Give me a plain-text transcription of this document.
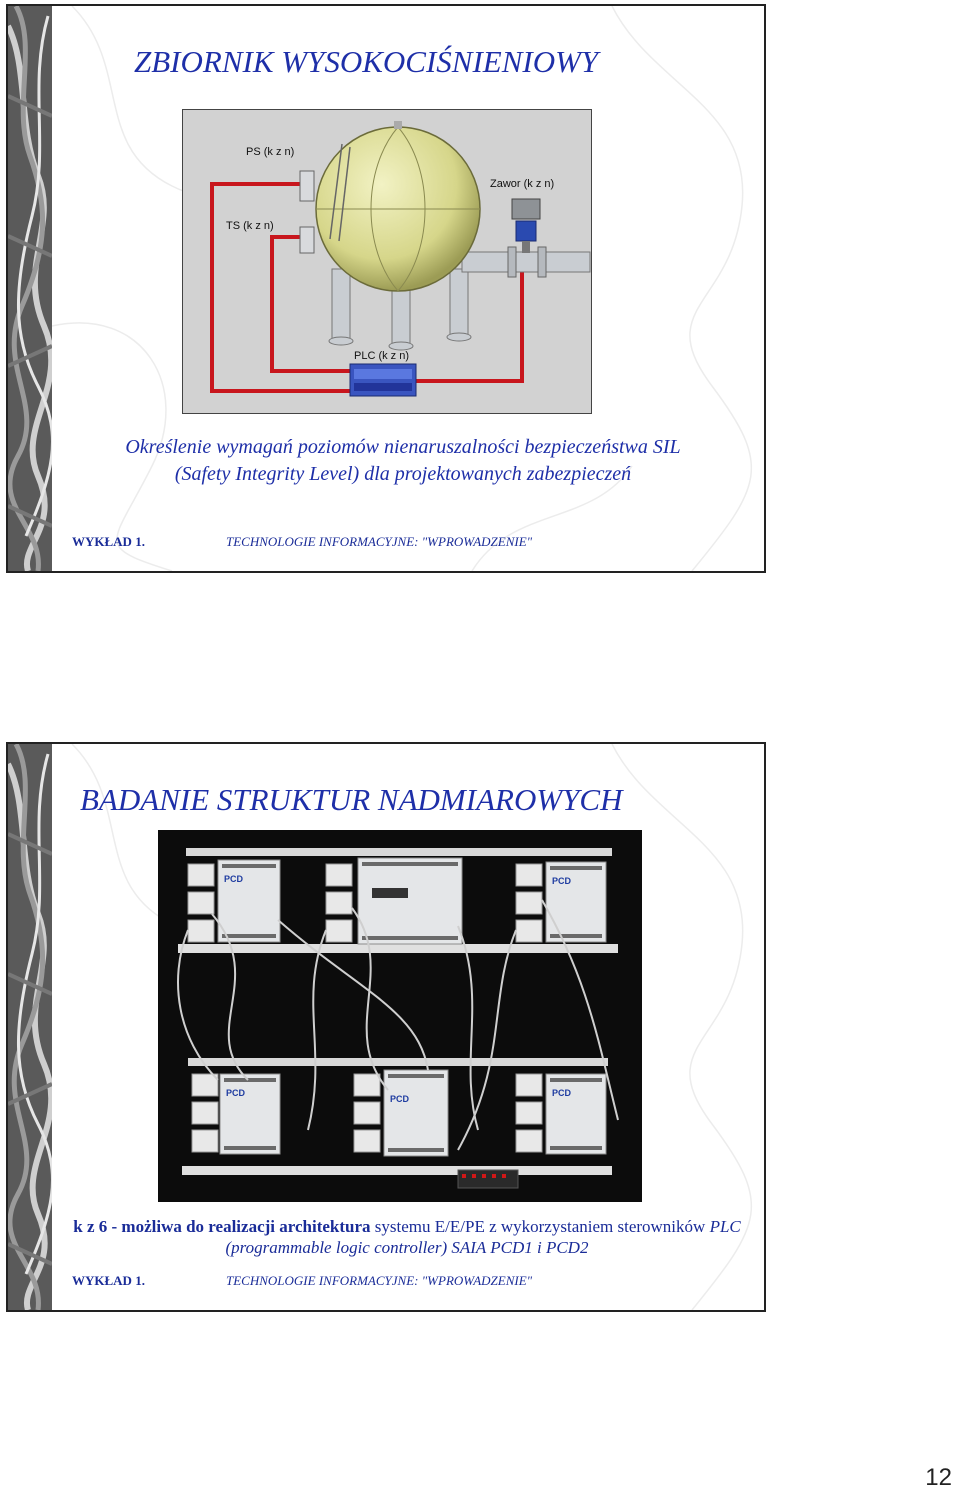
ZBIORNIK WYSOKOCIŚNIENIOWY
PS (k z n)
TS (k z n)
Zawor (k z n)
PLC (k z n)
Określenie wymagań poziomów nienaruszalności bezpieczeństwa SIL (Safety Integrity Level) dla projektowanych zabezpieczeń
WYKŁAD 1.	TECHNOLOGIE INFORMACYJNE: "WPROWADZENIE"
BADANIE STRUKTUR NADMIAROWYCH
PCD	PCD
PCD
PCD
PCD
k z 6 - możliwa do realizacji architektura systemu E/E/PE z wykorzystaniem sterowników PLC (programmable logic controller) SAIA PCD1 i PCD2
WYKŁAD 1.	TECHNOLOGIE INFORMACYJNE: "WPROWADZENIE"
12
